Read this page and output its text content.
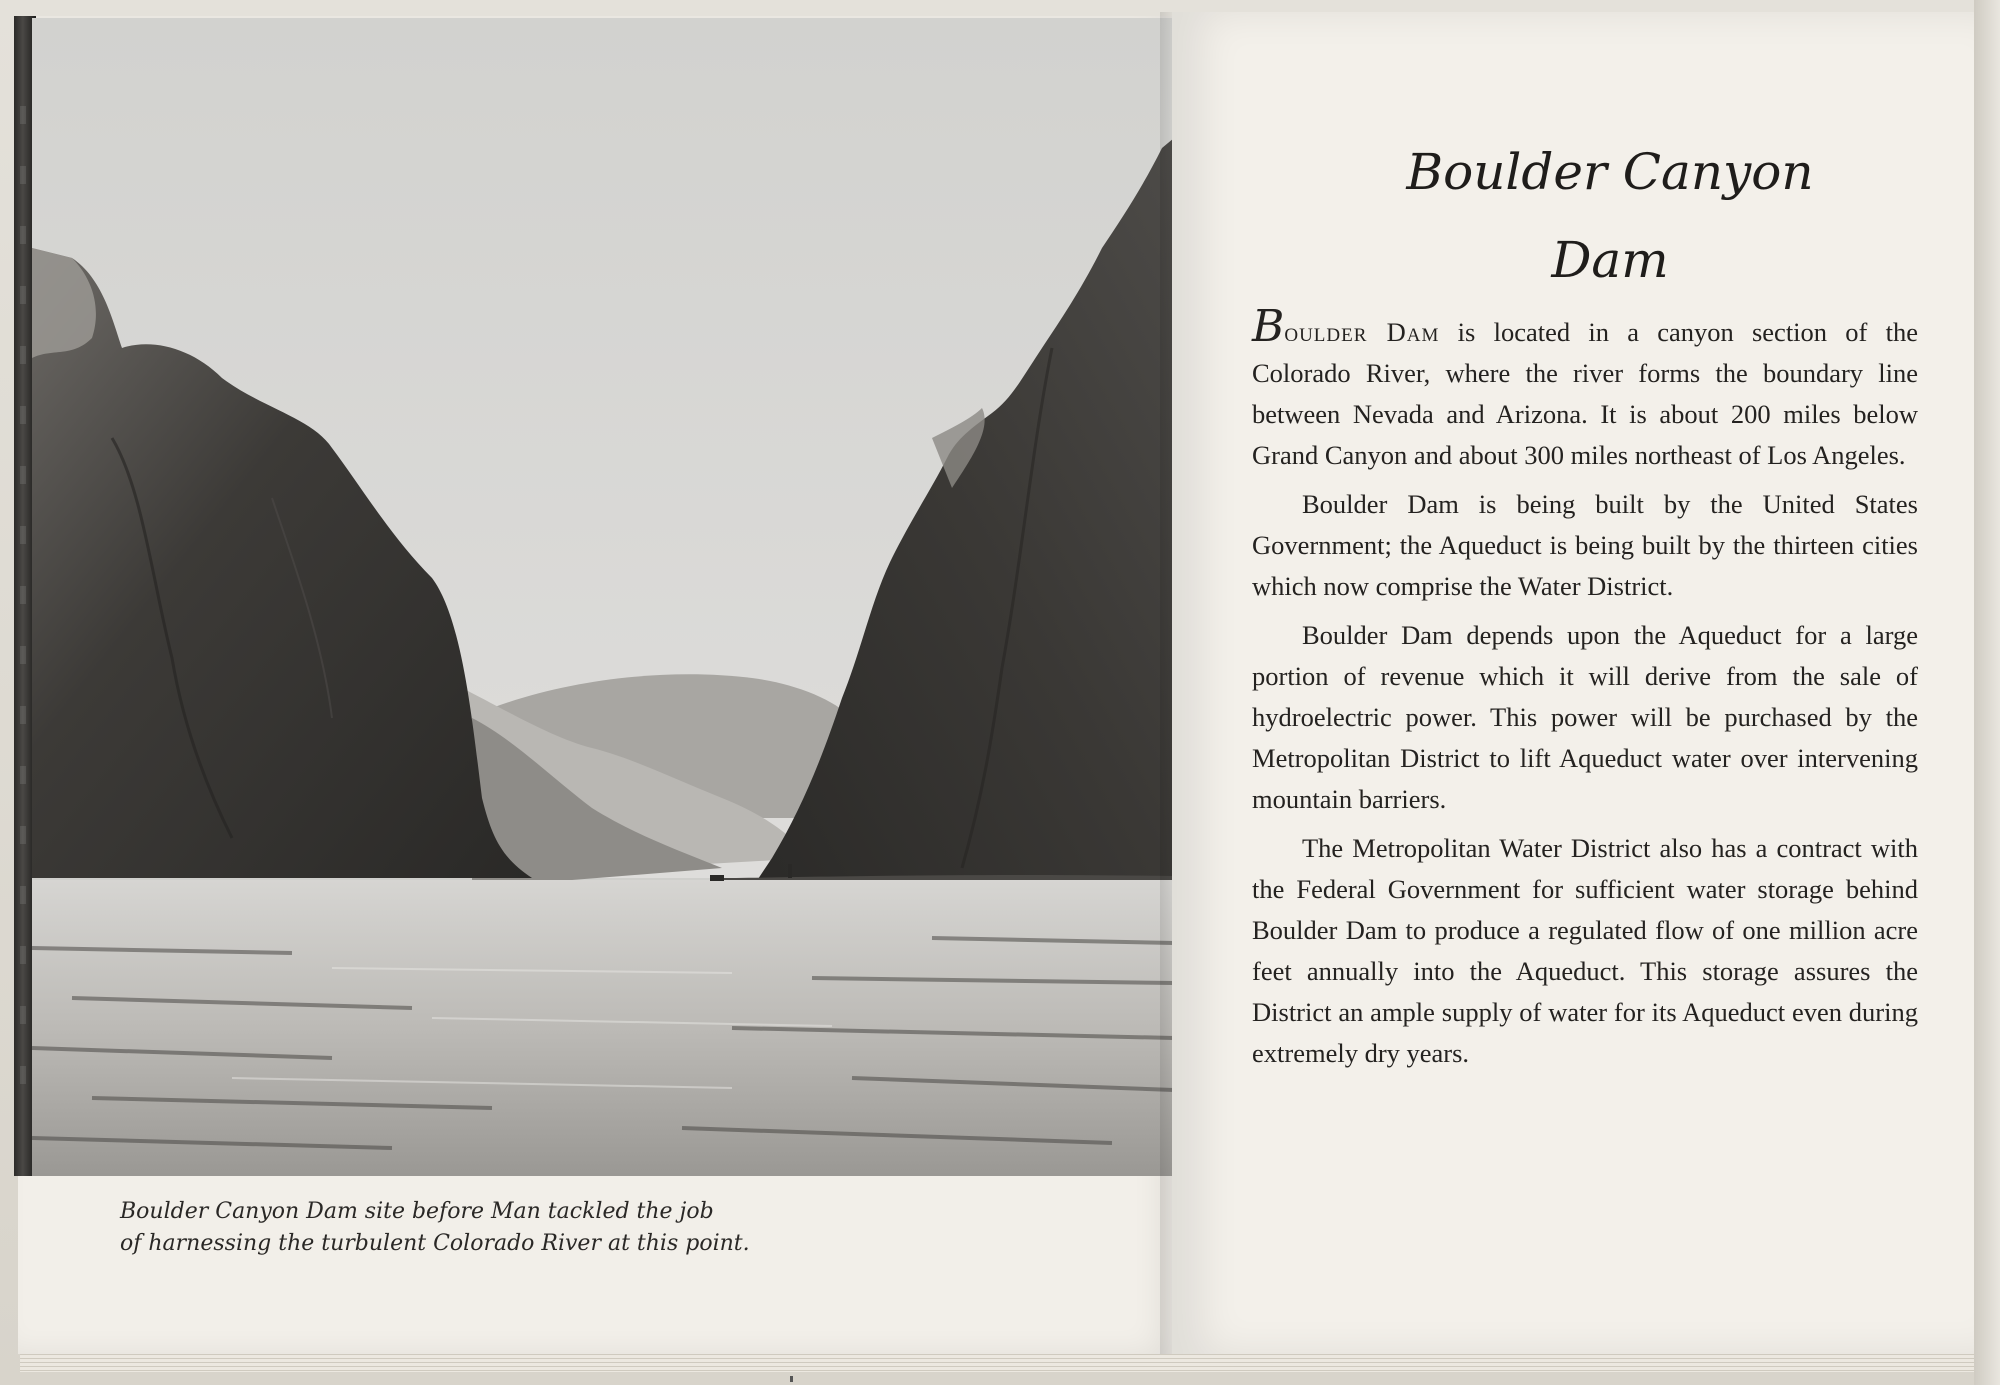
Boulder Canyon Dam site before Man tackled the job
of harnessing the turbulent Colorado River at this point.
Boulder Canyon
Dam

Boulder Dam is located in a canyon section of the Colorado River, where the river forms the boundary line between Nevada and Arizona. It is about 200 miles below Grand Canyon and about 300 miles northeast of Los Angeles.

Boulder Dam is being built by the United States Government; the Aqueduct is being built by the thirteen cities which now comprise the Water District.

Boulder Dam depends upon the Aqueduct for a large portion of revenue which it will derive from the sale of hydroelectric power. This power will be purchased by the Metropolitan District to lift Aqueduct water over intervening mountain barriers.

The Metropolitan Water District also has a contract with the Federal Government for sufficient water storage behind Boulder Dam to produce a regulated flow of one million acre feet annually into the Aqueduct. This storage assures the District an ample supply of water for its Aqueduct even during extremely dry years.
